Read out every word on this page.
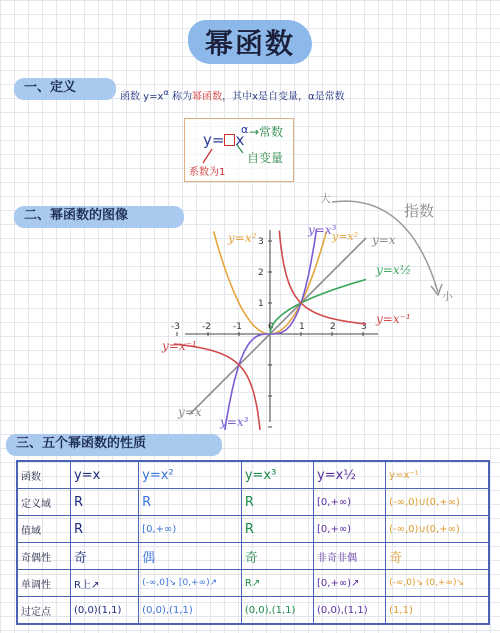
幂函数
一、定义
函数 $y=x^\alpha$ 称为幂函数，其中x是自变量，α是常数
y= x
α →常数
自变量
系数为1
二、幂函数的图像
-3 -2 -1	0	1	2	3
3
2
1
y=x²
y=x³
y=x² y=x
y=x½
y=x⁻¹
y=x⁻¹
y=x
y=x³
大
指数
小
三、五个幂函数的性质
函数	y=x	y=x²	y=x³	y=x½	y=x⁻¹
定义域	R	R	R	[0,+∞)	(-∞,0)∪(0,+∞)
值域	R	[0,+∞)	R	[0,+∞)	(-∞,0)∪(0,+∞)
奇偶性	奇	偶	奇	非奇非偶	奇
单调性	R上↗	(-∞,0]↘ [0,+∞)↗	R↗	[0,+∞)↗	(-∞,0)↘ (0,+∞)↘
过定点	(0,0)(1,1)	(0,0),(1,1)	(0,0),(1,1)	(0,0),(1,1)	(1,1)
